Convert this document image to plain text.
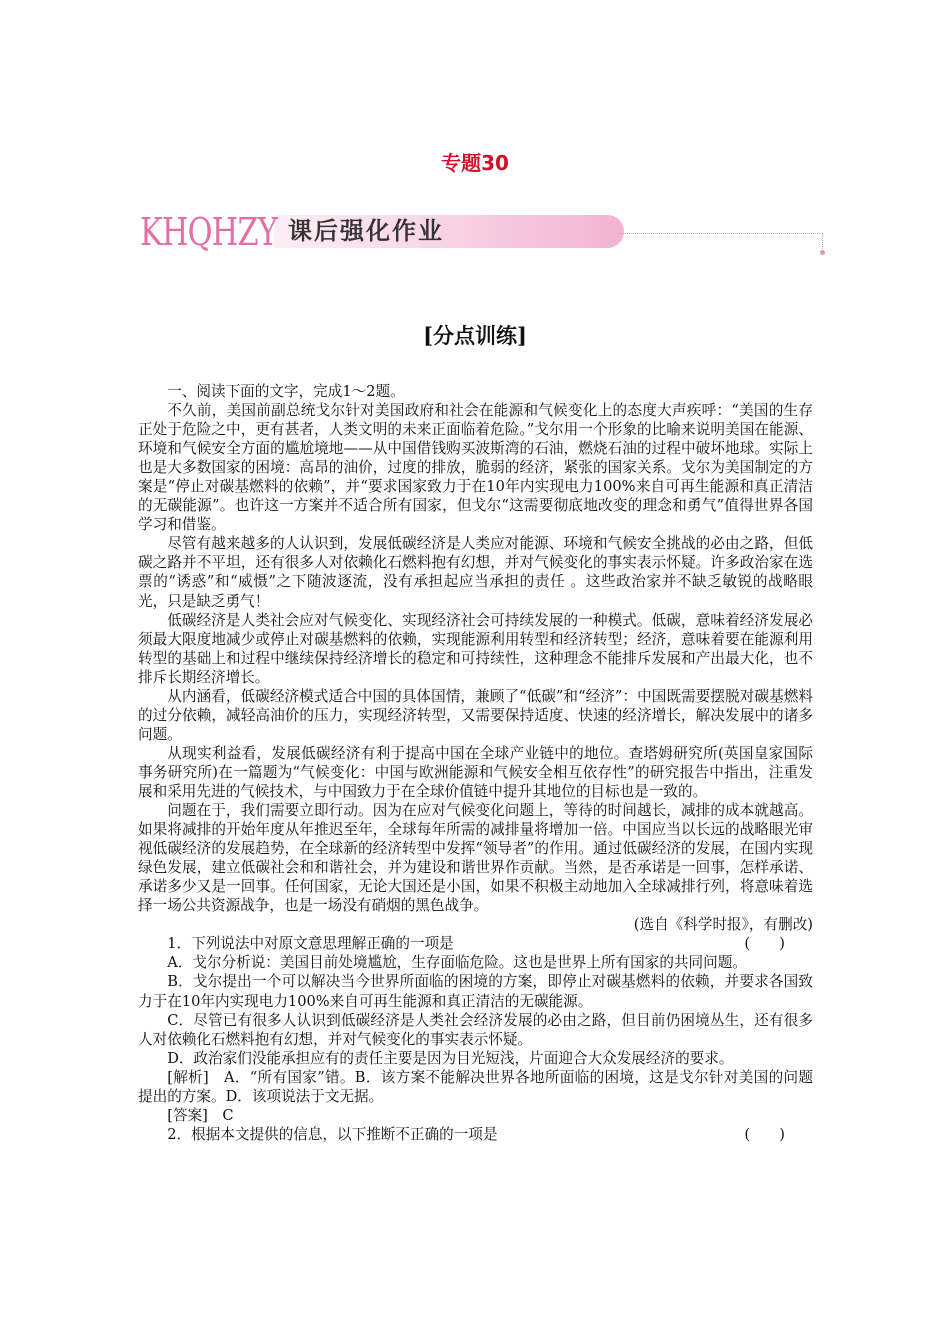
专题30
KHQHZY 课后强化作业
[分点训练]

一、阅读下面的文字，完成1～2题。

不久前，美国前副总统戈尔针对美国政府和社会在能源和气候变化上的态度大声疾呼：“美国的生存正处于危险之中，更有甚者，人类文明的未来正面临着危险。”戈尔用一个形象的比喻来说明美国在能源、环境和气候安全方面的尴尬境地——从中国借钱购买波斯湾的石油，燃烧石油的过程中破坏地球。实际上也是大多数国家的困境：高昂的油价，过度的排放，脆弱的经济，紧张的国家关系。戈尔为美国制定的方案是“停止对碳基燃料的依赖”，并“要求国家致力于在10年内实现电力100%来自可再生能源和真正清洁的无碳能源”。也许这一方案并不适合所有国家，但戈尔“这需要彻底地改变的理念和勇气”值得世界各国学习和借鉴。

尽管有越来越多的人认识到，发展低碳经济是人类应对能源、环境和气候安全挑战的必由之路，但低碳之路并不平坦，还有很多人对依赖化石燃料抱有幻想，并对气候变化的事实表示怀疑。许多政治家在选票的“诱惑”和“威慑”之下随波逐流，没有承担起应当承担的责任 。这些政治家并不缺乏敏锐的战略眼光，只是缺乏勇气！

低碳经济是人类社会应对气候变化、实现经济社会可持续发展的一种模式。低碳，意味着经济发展必须最大限度地减少或停止对碳基燃料的依赖，实现能源利用转型和经济转型；经济，意味着要在能源利用转型的基础上和过程中继续保持经济增长的稳定和可持续性，这种理念不能排斥发展和产出最大化，也不排斥长期经济增长。

从内涵看，低碳经济模式适合中国的具体国情，兼顾了“低碳”和“经济”：中国既需要摆脱对碳基燃料的过分依赖，减轻高油价的压力，实现经济转型，又需要保持适度、快速的经济增长，解决发展中的诸多问题。

从现实利益看，发展低碳经济有利于提高中国在全球产业链中的地位。查塔姆研究所(英国皇家国际事务研究所)在一篇题为“气候变化：中国与欧洲能源和气候安全相互依存性”的研究报告中指出，注重发展和采用先进的气候技术，与中国致力于在全球价值链中提升其地位的目标也是一致的。

问题在于，我们需要立即行动。因为在应对气候变化问题上，等待的时间越长，减排的成本就越高。如果将减排的开始年度从年推迟至年，全球每年所需的减排量将增加一倍。中国应当以长远的战略眼光审视低碳经济的发展趋势，在全球新的经济转型中发挥“领导者”的作用。通过低碳经济的发展，在国内实现绿色发展，建立低碳社会和和谐社会，并为建设和谐世界作贡献。当然，是否承诺是一回事，怎样承诺、承诺多少又是一回事。任何国家，无论大国还是小国，如果不积极主动地加入全球减排行列，将意味着选择一场公共资源战争，也是一场没有硝烟的黑色战争。

(选自《科学时报》，有删改)

1．下列说法中对原文意思理解正确的一项是	(　　)

A．戈尔分析说：美国目前处境尴尬，生存面临危险。这也是世界上所有国家的共同问题。

B．戈尔提出一个可以解决当今世界所面临的困境的方案，即停止对碳基燃料的依赖，并要求各国致力于在10年内实现电力100%来自可再生能源和真正清洁的无碳能源。

C．尽管已有很多人认识到低碳经济是人类社会经济发展的必由之路，但目前仍困境丛生，还有很多人对依赖化石燃料抱有幻想，并对气候变化的事实表示怀疑。

D．政治家们没能承担应有的责任主要是因为目光短浅，片面迎合大众发展经济的要求。

[解析]　A．“所有国家”错。B．该方案不能解决世界各地所面临的困境，这是戈尔针对美国的问题提出的方案。D．该项说法于文无据。

[答案]　C

2．根据本文提供的信息，以下推断不正确的一项是	(　　)
